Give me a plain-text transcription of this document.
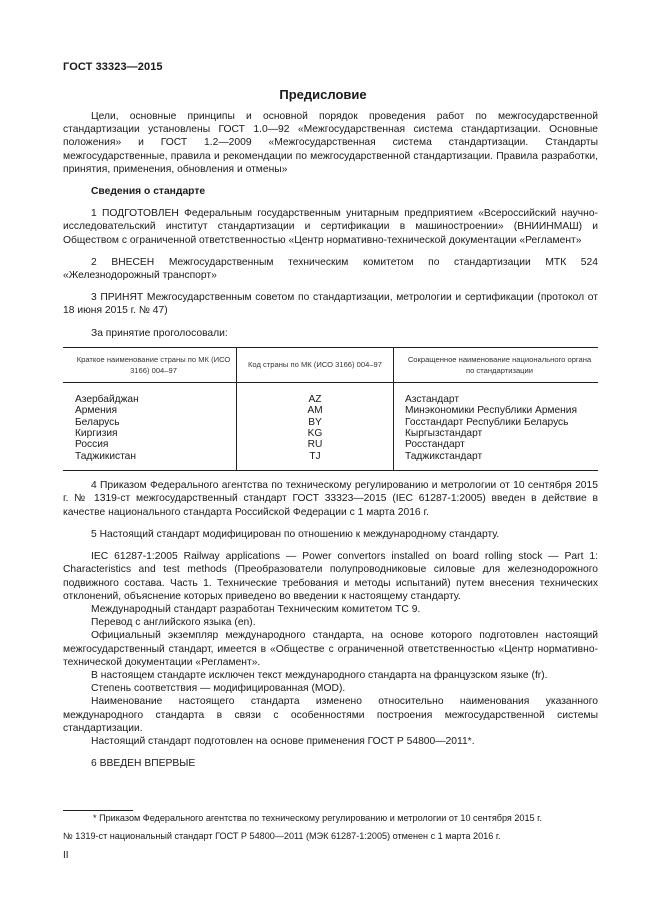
ГОСТ 33323—2015
Предисловие

Цели, основные принципы и основной порядок проведения работ по межгосударственной стандартизации установлены ГОСТ 1.0—92 «Межгосударственная система стандартизации. Основные положения» и ГОСТ 1.2—2009 «Межгосударственная система стандартизации. Стандарты межгосударственные, правила и рекомендации по межгосударственной стандартизации. Правила разработки, принятия, применения, обновления и отмены»

Сведения о стандарте

1 ПОДГОТОВЛЕН Федеральным государственным унитарным предприятием «Всероссийский научно-исследовательский институт стандартизации и сертификации в машиностроении» (ВНИИНМАШ) и Обществом с ограниченной ответственностью «Центр нормативно-технической документации «Регламент»

2 ВНЕСЕН Межгосударственным техническим комитетом по стандартизации МТК 524 «Железнодорожный транспорт»

3 ПРИНЯТ Межгосударственным советом по стандартизации, метрологии и сертификации (протокол от 18 июня 2015 г. № 47)

За принятие проголосовали:

Краткое наименование страны по МК (ИСО 3166) 004–97	Код страны по МК (ИСО 3166) 004–97	Сокращенное наименование национального органа по стандартизации
Азербайджан	AZ	Азстандарт
Армения	AM	Минэкономики Республики Армения
Беларусь	BY	Госстандарт Республики Беларусь
Киргизия	KG	Кыргызстандарт
Россия	RU	Росстандарт
Таджикистан	TJ	Таджикстандарт

4 Приказом Федерального агентства по техническому регулированию и метрологии от 10 сентября 2015 г. № 1319-ст межгосударственный стандарт ГОСТ 33323—2015 (IEC 61287-1:2005) введен в действие в качестве национального стандарта Российской Федерации с 1 марта 2016 г.

5 Настоящий стандарт модифицирован по отношению к международному стандарту.

IEC 61287-1:2005 Railway applications — Power convertors installed on board rolling stock — Part 1: Characteristics and test methods (Преобразователи полупроводниковые силовые для железнодорожного подвижного состава. Часть 1. Технические требования и методы испытаний) путем внесения технических отклонений, объяснение которых приведено во введении к настоящему стандарту.

Международный стандарт разработан Техническим комитетом TC 9.

Перевод с английского языка (en).

Официальный экземпляр международного стандарта, на основе которого подготовлен настоящий межгосударственный стандарт, имеется в «Обществе с ограниченной ответственностью «Центр нормативно-технической документации «Регламент».

В настоящем стандарте исключен текст международного стандарта на французском языке (fr).

Степень соответствия — модифицированная (MOD).

Наименование настоящего стандарта изменено относительно наименования указанного международного стандарта в связи с особенностями построения межгосударственной системы стандартизации.

Настоящий стандарт подготовлен на основе применения ГОСТ Р 54800—2011*.

6 ВВЕДЕН ВПЕРВЫЕ

* Приказом Федерального агентства по техническому регулированию и метрологии от 10 сентября 2015 г.
№ 1319-ст национальный стандарт ГОСТ Р 54800—2011 (МЭК 61287-1:2005) отменен с 1 марта 2016 г.
II
